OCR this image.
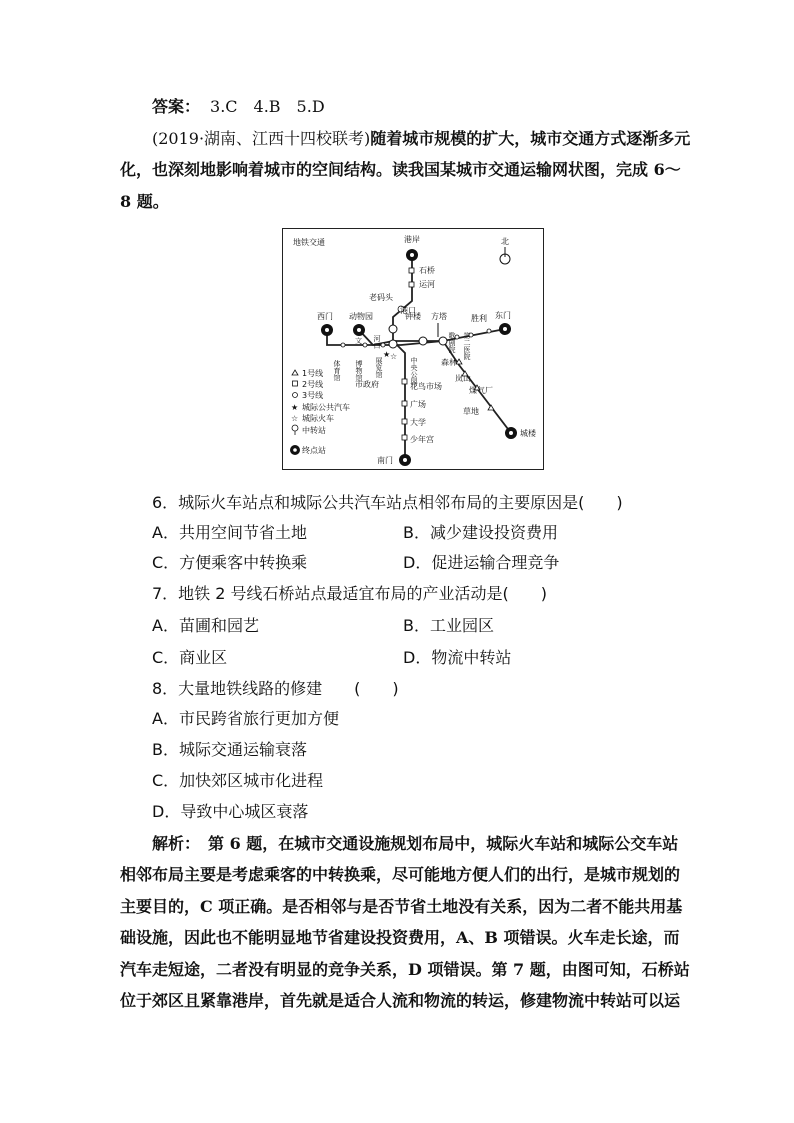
答案： 3.C　4.B　5.D
(2019·湖南、江西十四校联考)随着城市规模的扩大，城市交通方式逐渐多元
化，也深刻地影响着城市的空间结构。读我国某城市交通运输网状图，完成 6～
8 题。
地铁交通	北
港岸
西门 动物园	东门
城楼
南门
石桥
运河
老码头
港口
花鸟市场
广场
大学
少年宫
钟楼 方塔
体育馆
文
博物馆
河口
展览馆
市政府
★ ☆
中央公园
歌剧院 第二医院
胜利
森林
岚山
煤气厂
草地
1号线
2号线
3号线
★ 城际公共汽车
☆ 城际火车
中转站
终点站
6．城际火车站点和城际公共汽车站点相邻布局的主要原因是(　　)
A．共用空间节省土地	B．减少建设投资费用
C．方便乘客中转换乘	D．促进运输合理竞争
7．地铁 2 号线石桥站点最适宜布局的产业活动是(　　)
A．苗圃和园艺	B．工业园区
C．商业区	D．物流中转站
8．大量地铁线路的修建　　(　　)
A．市民跨省旅行更加方便
B．城际交通运输衰落
C．加快郊区城市化进程
D．导致中心城区衰落
解析：　第 6 题，在城市交通设施规划布局中，城际火车站和城际公交车站
相邻布局主要是考虑乘客的中转换乘，尽可能地方便人们的出行，是城市规划的
主要目的，C 项正确。是否相邻与是否节省土地没有关系，因为二者不能共用基
础设施，因此也不能明显地节省建设投资费用，A、B 项错误。火车走长途，而
汽车走短途，二者没有明显的竞争关系，D 项错误。第 7 题，由图可知，石桥站
位于郊区且紧靠港岸，首先就是适合人流和物流的转运，修建物流中转站可以运
